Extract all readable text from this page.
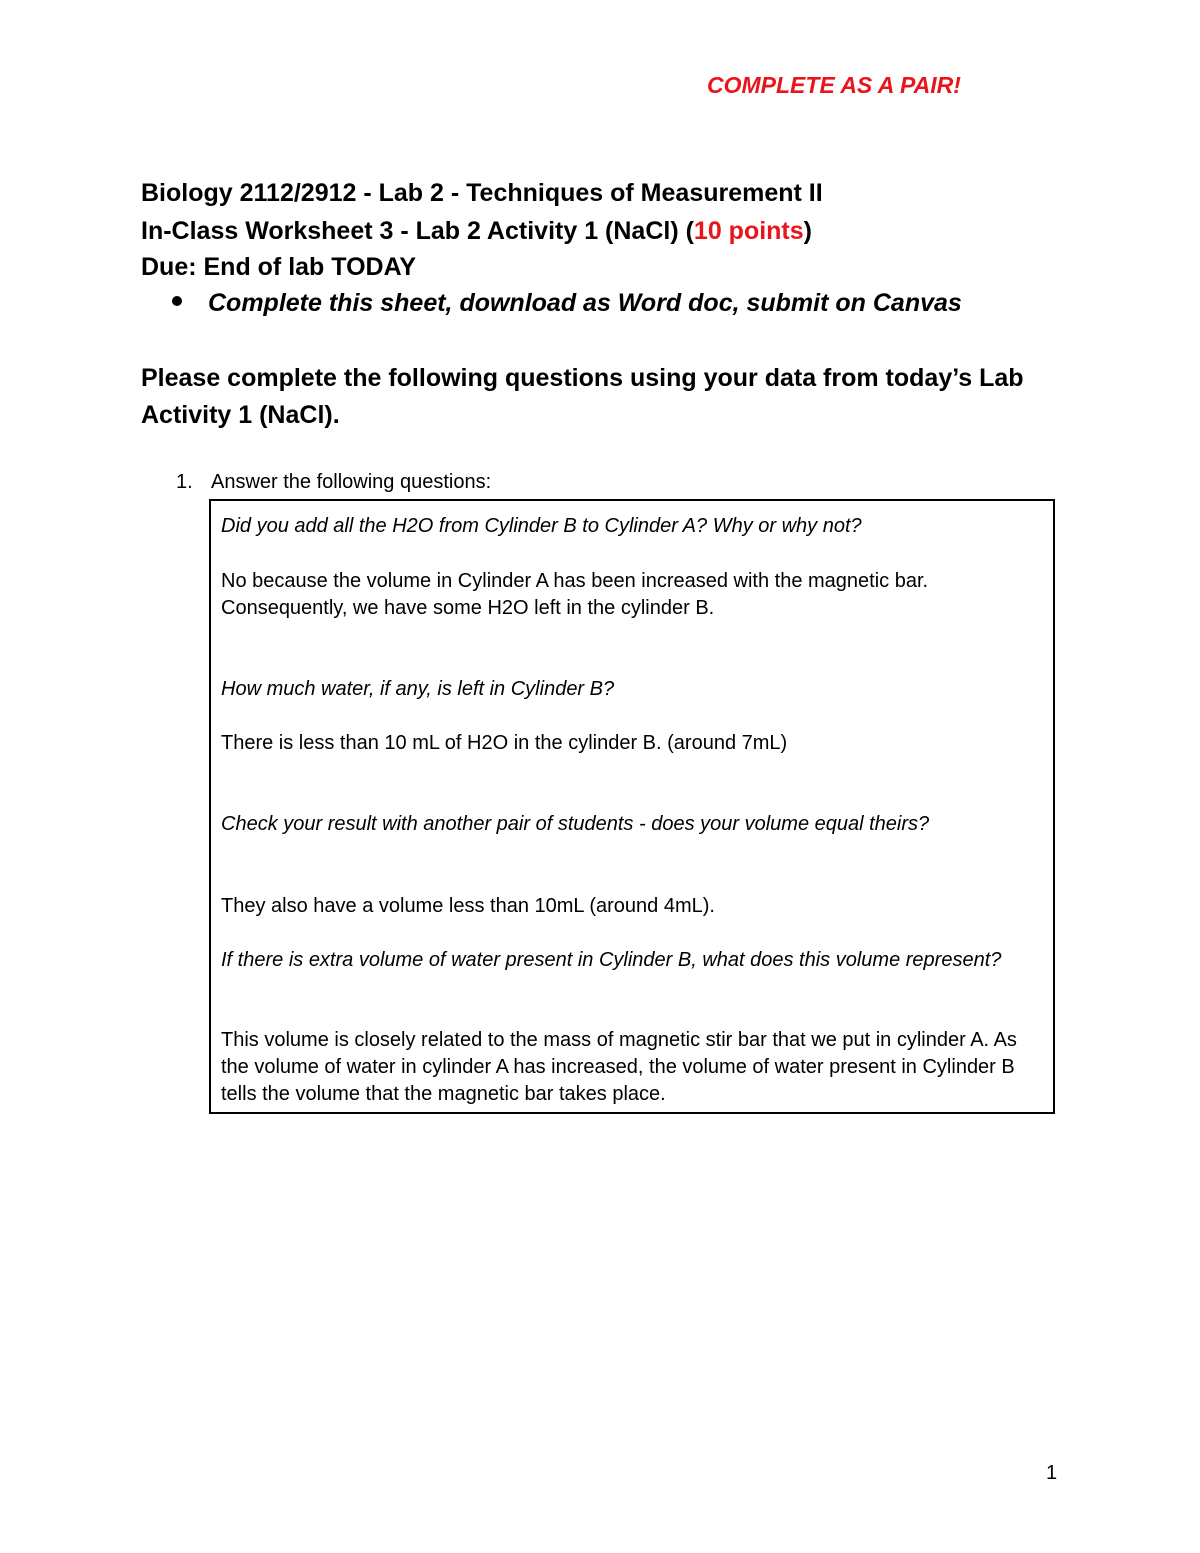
COMPLETE AS A PAIR!
Biology 2112/2912 - Lab 2 - Techniques of Measurement II
In-Class Worksheet 3 - Lab 2 Activity 1 (NaCl) (10 points)
Due: End of lab TODAY
Complete this sheet, download as Word doc, submit on Canvas
Please complete the following questions using your data from today’s Lab Activity 1 (NaCl).
1. Answer the following questions:

Did you add all the H2O from Cylinder B to Cylinder A? Why or why not?

No because the volume in Cylinder A has been increased with the magnetic bar. Consequently, we have some H2O left in the cylinder B.

How much water, if any, is left in Cylinder B?

There is less than 10 mL of H2O in the cylinder B. (around 7mL)

Check your result with another pair of students - does your volume equal theirs?

They also have a volume less than 10mL (around 4mL).

If there is extra volume of water present in Cylinder B, what does this volume represent?

This volume is closely related to the mass of magnetic stir bar that we put in cylinder A. As the volume of water in cylinder A has increased, the volume of water present in Cylinder B tells the volume that the magnetic bar takes place.

1
